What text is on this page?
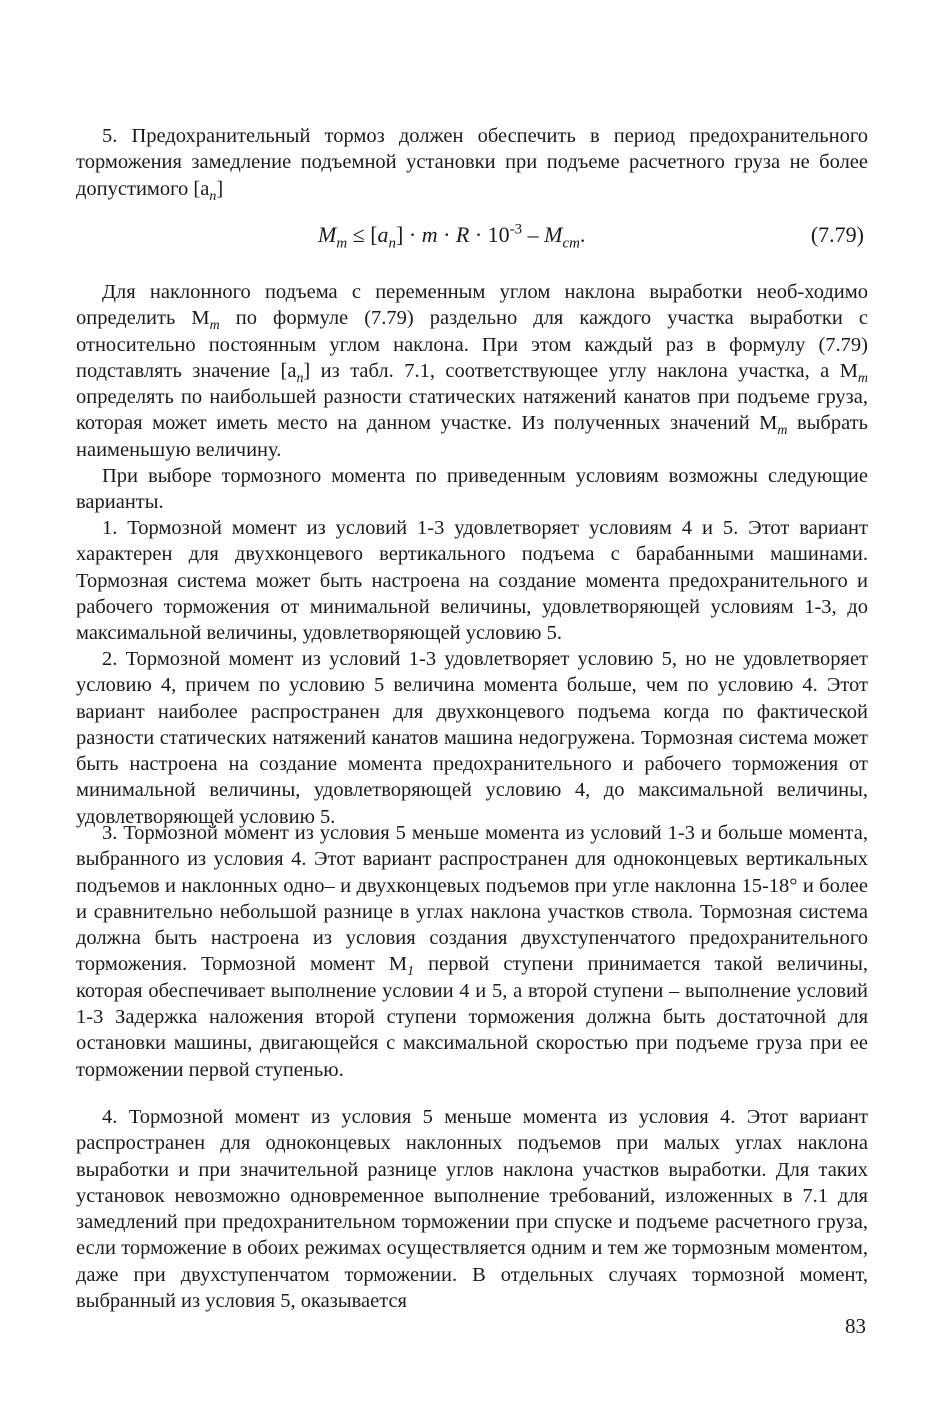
5. Предохранительный тормоз должен обеспечить в период предохранительного торможения замедление подъемной установки при подъеме расчетного груза не более допустимого $[a_n]$

$M_m \le [a_n] \cdot m \cdot R \cdot 10^{-3} - M_{cm}$.	(7.79)

Для наклонного подъема с переменным углом наклона выработки необ-ходимо определить $M_m$ по формуле (7.79) раздельно для каждого участка выработки с относительно постоянным углом наклона. При этом каждый раз в формулу (7.79) подставлять значение $[a_n]$ из табл. 7.1, соответствующее углу наклона участка, а $M_m$ определять по наибольшей разности статических натяжений канатов при подъеме груза, которая может иметь место на данном участке. Из полученных значений $M_m$ выбрать наименьшую величину.

При выборе тормозного момента по приведенным условиям возможны следующие варианты.

1. Тормозной момент из условий 1-3 удовлетворяет условиям 4 и 5. Этот вариант характерен для двухконцевого вертикального подъема с барабанными машинами. Тормозная система может быть настроена на создание момента предохранительного и рабочего торможения от минимальной величины, удовлетворяющей условиям 1-3, до максимальной величины, удовлетворяющей условию 5.

2. Тормозной момент из условий 1-3 удовлетворяет условию 5, но не удовлетворяет условию 4, причем по условию 5 величина момента больше, чем по условию 4. Этот вариант наиболее распространен для двухконцевого подъема когда по фактической разности статических натяжений канатов машина недогружена. Тормозная система может быть настроена на создание момента предохранительного и рабочего торможения от минимальной величины, удовлетворяющей условию 4, до максимальной величины, удовлетворяющей условию 5.

3. Тормозной момент из условия 5 меньше момента из условий 1-3 и больше момента, выбранного из условия 4. Этот вариант распространен для одноконцевых вертикальных подъемов и наклонных одно– и двухконцевых подъемов при угле наклонна 15-18° и более и сравнительно небольшой разнице в углах наклона участков ствола. Тормозная система должна быть настроена из условия создания двухступенчатого предохранительного торможения. Тормозной момент $M_1$ первой ступени принимается такой величины, которая обеспечивает выполнение условии 4 и 5, а второй ступени – выполнение условий 1-3 Задержка наложения второй ступени торможения должна быть достаточной для остановки машины, двигающейся с максимальной скоростью при подъеме груза при ее торможении первой ступенью.

4. Тормозной момент из условия 5 меньше момента из условия 4. Этот вариант распространен для одноконцевых наклонных подъемов при малых углах наклона выработки и при значительной разнице углов наклона участков выработки. Для таких установок невозможно одновременное выполнение требований, изложенных в 7.1 для замедлений при предохранительном торможении при спуске и подъеме расчетного груза, если торможение в обоих режимах осуществляется одним и тем же тормозным моментом, даже при двухступенчатом торможении. В отдельных случаях тормозной момент, выбранный из условия 5, оказывается

83
